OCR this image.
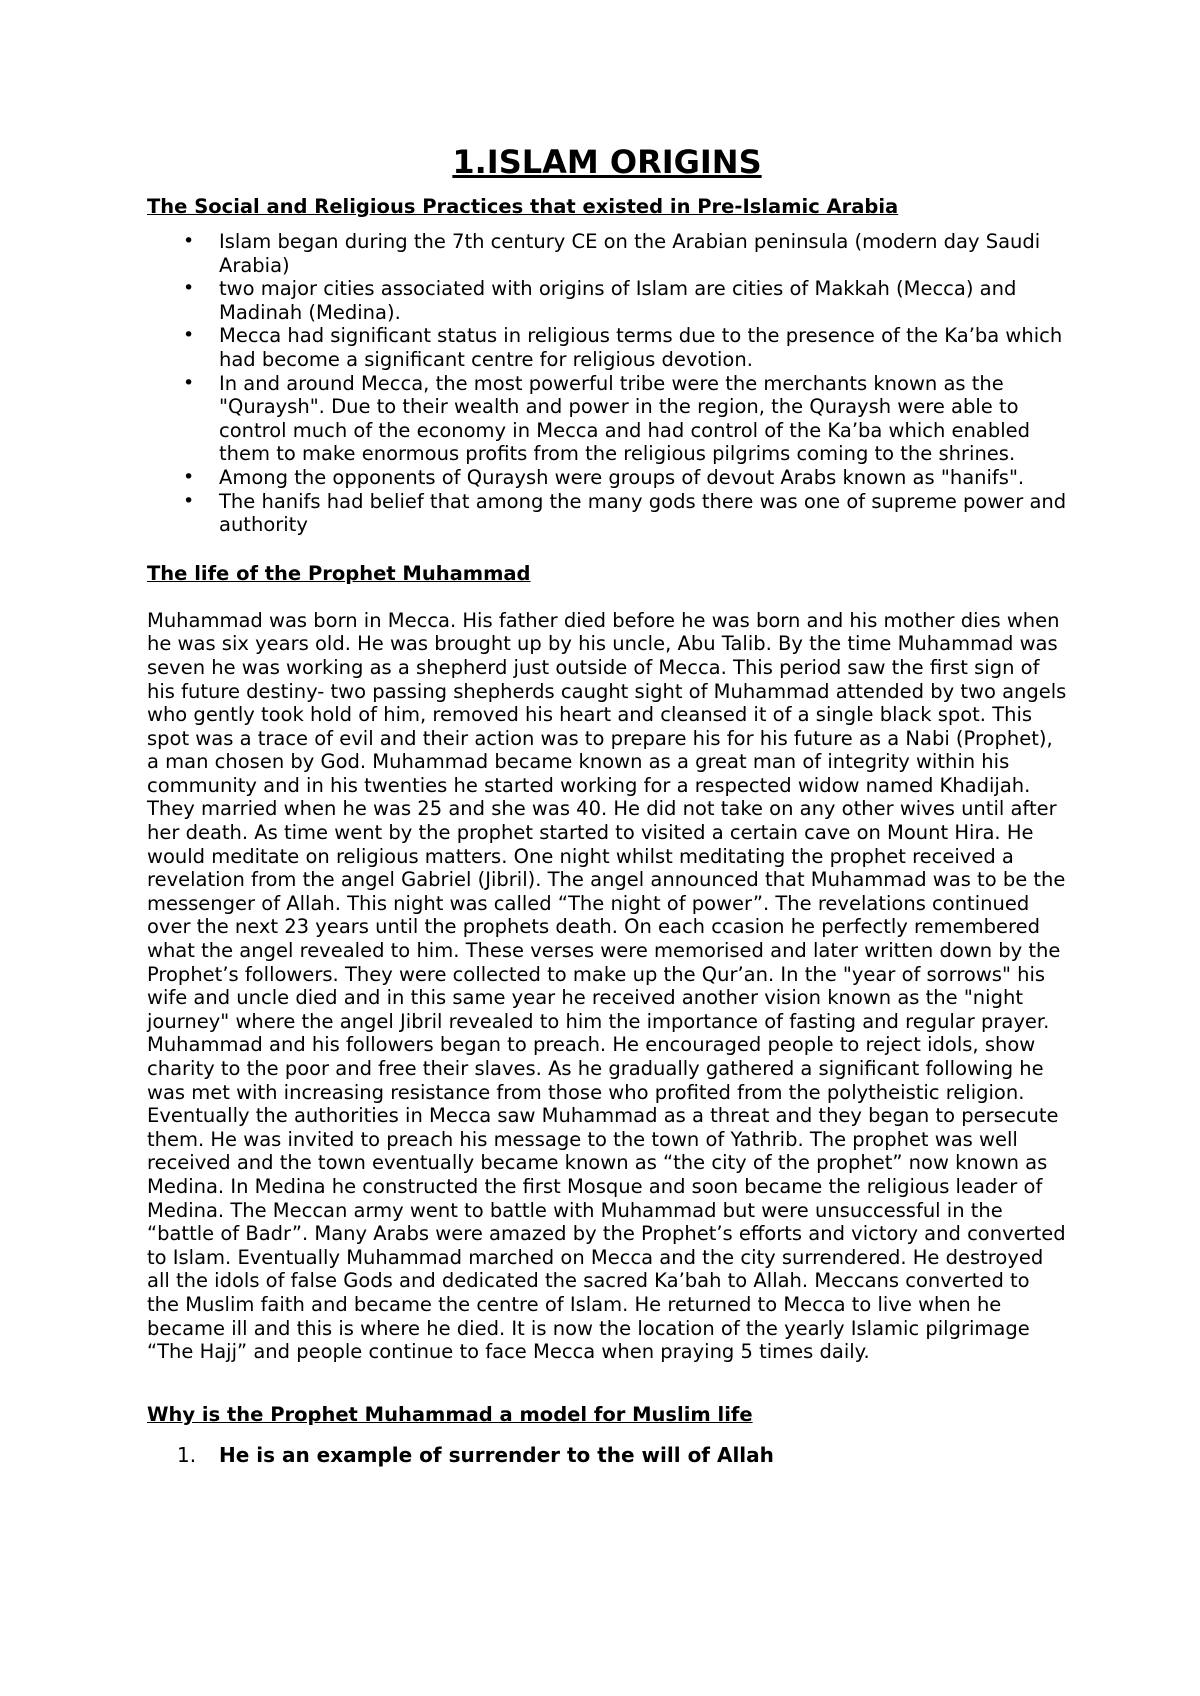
1.ISLAM ORIGINS
The Social and Religious Practices that existed in Pre-Islamic Arabia
• Islam began during the 7th century CE on the Arabian peninsula (modern day Saudi Arabia)
• two major cities associated with origins of Islam are cities of Makkah (Mecca) and Madinah (Medina).
• Mecca had significant status in religious terms due to the presence of the Ka’ba which had become a significant centre for religious devotion.
• In and around Mecca, the most powerful tribe were the merchants known as the "Quraysh". Due to their wealth and power in the region, the Quraysh were able to control much of the economy in Mecca and had control of the Ka’ba which enabled them to make enormous profits from the religious pilgrims coming to the shrines.
• Among the opponents of Quraysh were groups of devout Arabs known as "hanifs".
• The hanifs had belief that among the many gods there was one of supreme power and authority
The life of the Prophet Muhammad

Muhammad was born in Mecca. His father died before he was born and his mother dies when he was six years old. He was brought up by his uncle, Abu Talib. By the time Muhammad was seven he was working as a shepherd just outside of Mecca. This period saw the first sign of his future destiny- two passing shepherds caught sight of Muhammad attended by two angels who gently took hold of him, removed his heart and cleansed it of a single black spot. This spot was a trace of evil and their action was to prepare his for his future as a Nabi (Prophet), a man chosen by God. Muhammad became known as a great man of integrity within his community and in his twenties he started working for a respected widow named Khadijah. They married when he was 25 and she was 40. He did not take on any other wives until after her death. As time went by the prophet started to visited a certain cave on Mount Hira. He would meditate on religious matters. One night whilst meditating the prophet received a revelation from the angel Gabriel (Jibril). The angel announced that Muhammad was to be the messenger of Allah. This night was called “The night of power”. The revelations continued over the next 23 years until the prophets death. On each ccasion he perfectly remembered what the angel revealed to him. These verses were memorised and later written down by the Prophet’s followers. They were collected to make up the Qur’an. In the "year of sorrows" his wife and uncle died and in this same year he received another vision known as the "night journey" where the angel Jibril revealed to him the importance of fasting and regular prayer. Muhammad and his followers began to preach. He encouraged people to reject idols, show charity to the poor and free their slaves. As he gradually gathered a significant following he was met with increasing resistance from those who profited from the polytheistic religion. Eventually the authorities in Mecca saw Muhammad as a threat and they began to persecute them. He was invited to preach his message to the town of Yathrib. The prophet was well received and the town eventually became known as “the city of the prophet” now known as Medina. In Medina he constructed the first Mosque and soon became the religious leader of Medina. The Meccan army went to battle with Muhammad but were unsuccessful in the “battle of Badr”. Many Arabs were amazed by the Prophet’s efforts and victory and converted to Islam. Eventually Muhammad marched on Mecca and the city surrendered. He destroyed all the idols of false Gods and dedicated the sacred Ka’bah to Allah. Meccans converted to the Muslim faith and became the centre of Islam. He returned to Mecca to live when he became ill and this is where he died. It is now the location of the yearly Islamic pilgrimage “The Hajj” and people continue to face Mecca when praying 5 times daily.

Why is the Prophet Muhammad a model for Muslim life
1. He is an example of surrender to the will of Allah
